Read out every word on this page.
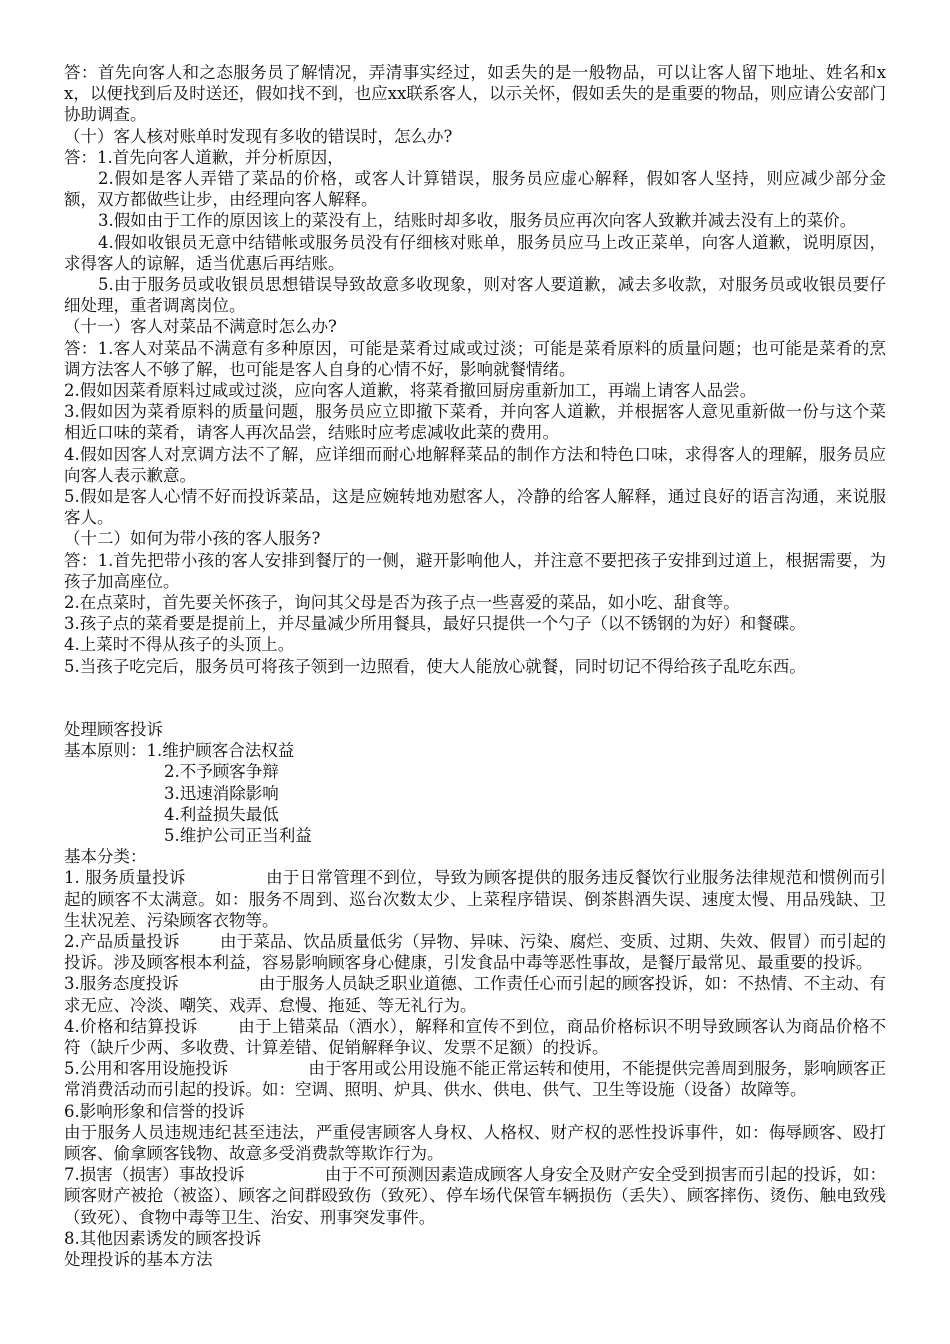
答：首先向客人和之态服务员了解情况，弄清事实经过，如丢失的是一般物品，可以让客人留下地址、姓名和xx，以便找到后及时送还，假如找不到，也应xx联系客人，以示关怀，假如丢失的是重要的物品，则应请公安部门协助调查。

（十）客人核对账单时发现有多收的错误时，怎么办?

答：1.首先向客人道歉，并分析原因，

2.假如是客人弄错了菜品的价格，或客人计算错误，服务员应虚心解释，假如客人坚持，则应减少部分金额，双方都做些让步，由经理向客人解释。

3.假如由于工作的原因该上的菜没有上，结账时却多收，服务员应再次向客人致歉并减去没有上的菜价。

4.假如收银员无意中结错帐或服务员没有仔细核对账单，服务员应马上改正菜单，向客人道歉，说明原因，求得客人的谅解，适当优惠后再结账。

5.由于服务员或收银员思想错误导致故意多收现象，则对客人要道歉，减去多收款，对服务员或收银员要仔细处理，重者调离岗位。

（十一）客人对菜品不满意时怎么办?

答：1.客人对菜品不满意有多种原因，可能是菜肴过咸或过淡；可能是菜肴原料的质量问题；也可能是菜肴的烹调方法客人不够了解，也可能是客人自身的心情不好，影响就餐情绪。

2.假如因菜肴原料过咸或过淡，应向客人道歉，将菜肴撤回厨房重新加工，再端上请客人品尝。

3.假如因为菜肴原料的质量问题，服务员应立即撤下菜肴，并向客人道歉，并根据客人意见重新做一份与这个菜相近口味的菜肴，请客人再次品尝，结账时应考虑减收此菜的费用。

4.假如因客人对烹调方法不了解，应详细而耐心地解释菜品的制作方法和特色口味，求得客人的理解，服务员应向客人表示歉意。

5.假如是客人心情不好而投诉菜品，这是应婉转地劝慰客人，冷静的给客人解释，通过良好的语言沟通，来说服客人。

（十二）如何为带小孩的客人服务?

答：1.首先把带小孩的客人安排到餐厅的一侧，避开影响他人，并注意不要把孩子安排到过道上，根据需要，为孩子加高座位。

2.在点菜时，首先要关怀孩子，询问其父母是否为孩子点一些喜爱的菜品，如小吃、甜食等。

3.孩子点的菜肴要是提前上，并尽量减少所用餐具，最好只提供一个勺子（以不锈钢的为好）和餐碟。

4.上菜时不得从孩子的头顶上。

5.当孩子吃完后，服务员可将孩子领到一边照看，使大人能放心就餐，同时切记不得给孩子乱吃东西。

处理顾客投诉

基本原则：1.维护顾客合法权益
2.不予顾客争辩
3.迅速消除影响
4.利益损失最低
5.维护公司正当利益

基本分类：

1. 服务质量投诉	由于日常管理不到位，导致为顾客提供的服务违反餐饮行业服务法律规范和惯例而引起的顾客不太满意。如：服务不周到、巡台次数太少、上菜程序错误、倒茶斟酒失误、速度太慢、用品残缺、卫生状况差、污染顾客衣物等。

2.产品质量投诉 由于菜品、饮品质量低劣（异物、异味、污染、腐烂、变质、过期、失效、假冒）而引起的投诉。涉及顾客根本利益，容易影响顾客身心健康，引发食品中毒等恶性事故，是餐厅最常见、最重要的投诉。

3.服务态度投诉	由于服务人员缺乏职业道德、工作责任心而引起的顾客投诉，如：不热情、不主动、有求无应、冷淡、嘲笑、戏弄、怠慢、拖延、等无礼行为。

4.价格和结算投诉 由于上错菜品（酒水），解释和宣传不到位，商品价格标识不明导致顾客认为商品价格不符（缺斤少两、多收费、计算差错、促销解释争议、发票不足额）的投诉。

5.公用和客用设施投诉	由于客用或公用设施不能正常运转和使用，不能提供完善周到服务，影响顾客正常消费活动而引起的投诉。如：空调、照明、炉具、供水、供电、供气、卫生等设施（设备）故障等。

6.影响形象和信誉的投诉

由于服务人员违规违纪甚至违法，严重侵害顾客人身权、人格权、财产权的恶性投诉事件，如：侮辱顾客、殴打顾客、偷拿顾客钱物、故意多受消费款等欺诈行为。

7.损害（损害）事故投诉	由于不可预测因素造成顾客人身安全及财产安全受到损害而引起的投诉，如：顾客财产被抢（被盗）、顾客之间群殴致伤（致死）、停车场代保管车辆损伤（丢失）、顾客摔伤、烫伤、触电致残（致死）、食物中毒等卫生、治安、刑事突发事件。

8.其他因素诱发的顾客投诉

处理投诉的基本方法
